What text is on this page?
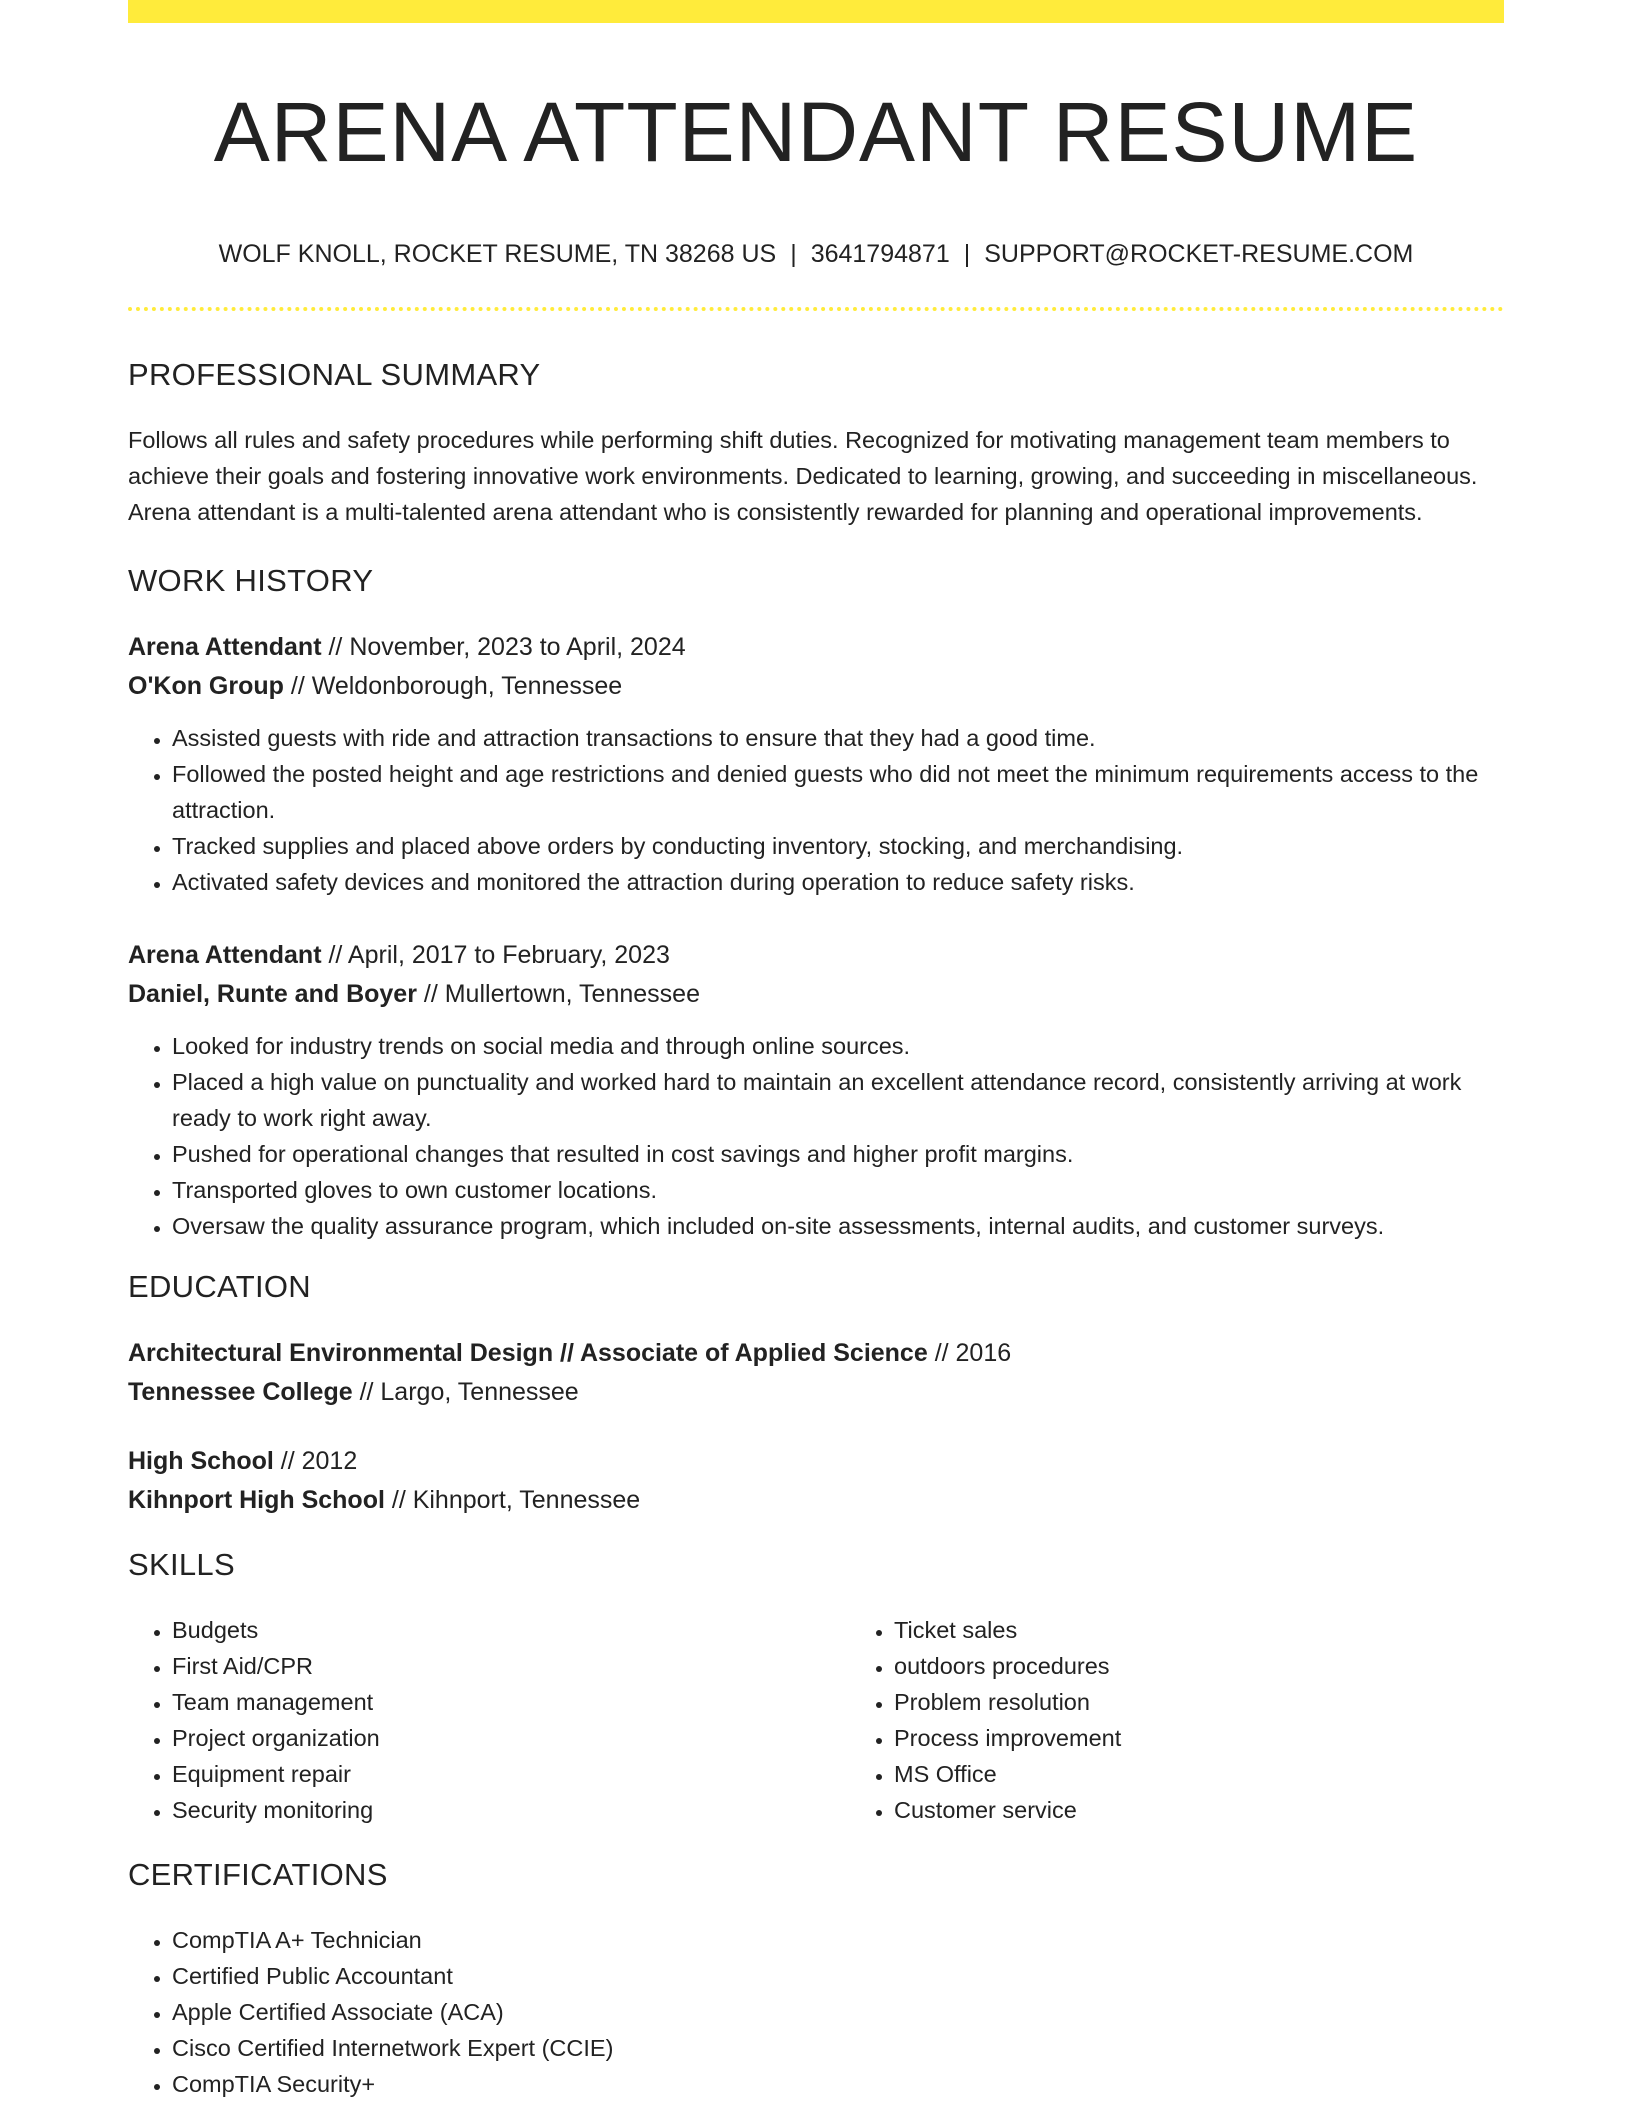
ARENA ATTENDANT RESUME
WOLF KNOLL, ROCKET RESUME, TN 38268 US | 3641794871 | SUPPORT@ROCKET-RESUME.COM
PROFESSIONAL SUMMARY

Follows all rules and safety procedures while performing shift duties. Recognized for motivating management team members to achieve their goals and fostering innovative work environments. Dedicated to learning, growing, and succeeding in miscellaneous. Arena attendant is a multi-talented arena attendant who is consistently rewarded for planning and operational improvements.

WORK HISTORY
Arena Attendant // November, 2023 to April, 2024
O'Kon Group // Weldonborough, Tennessee
• Assisted guests with ride and attraction transactions to ensure that they had a good time.
• Followed the posted height and age restrictions and denied guests who did not meet the minimum requirements access to the attraction.
• Tracked supplies and placed above orders by conducting inventory, stocking, and merchandising.
• Activated safety devices and monitored the attraction during operation to reduce safety risks.
Arena Attendant // April, 2017 to February, 2023
Daniel, Runte and Boyer // Mullertown, Tennessee
• Looked for industry trends on social media and through online sources.
• Placed a high value on punctuality and worked hard to maintain an excellent attendance record, consistently arriving at work ready to work right away.
• Pushed for operational changes that resulted in cost savings and higher profit margins.
• Transported gloves to own customer locations.
• Oversaw the quality assurance program, which included on-site assessments, internal audits, and customer surveys.
EDUCATION
Architectural Environmental Design // Associate of Applied Science // 2016
Tennessee College // Largo, Tennessee
High School // 2012
Kihnport High School // Kihnport, Tennessee
SKILLS
• Budgets
• First Aid/CPR
• Team management
• Project organization
• Equipment repair
• Security monitoring
• Ticket sales
• outdoors procedures
• Problem resolution
• Process improvement
• MS Office
• Customer service
CERTIFICATIONS
• CompTIA A+ Technician
• Certified Public Accountant
• Apple Certified Associate (ACA)
• Cisco Certified Internetwork Expert (CCIE)
• CompTIA Security+
